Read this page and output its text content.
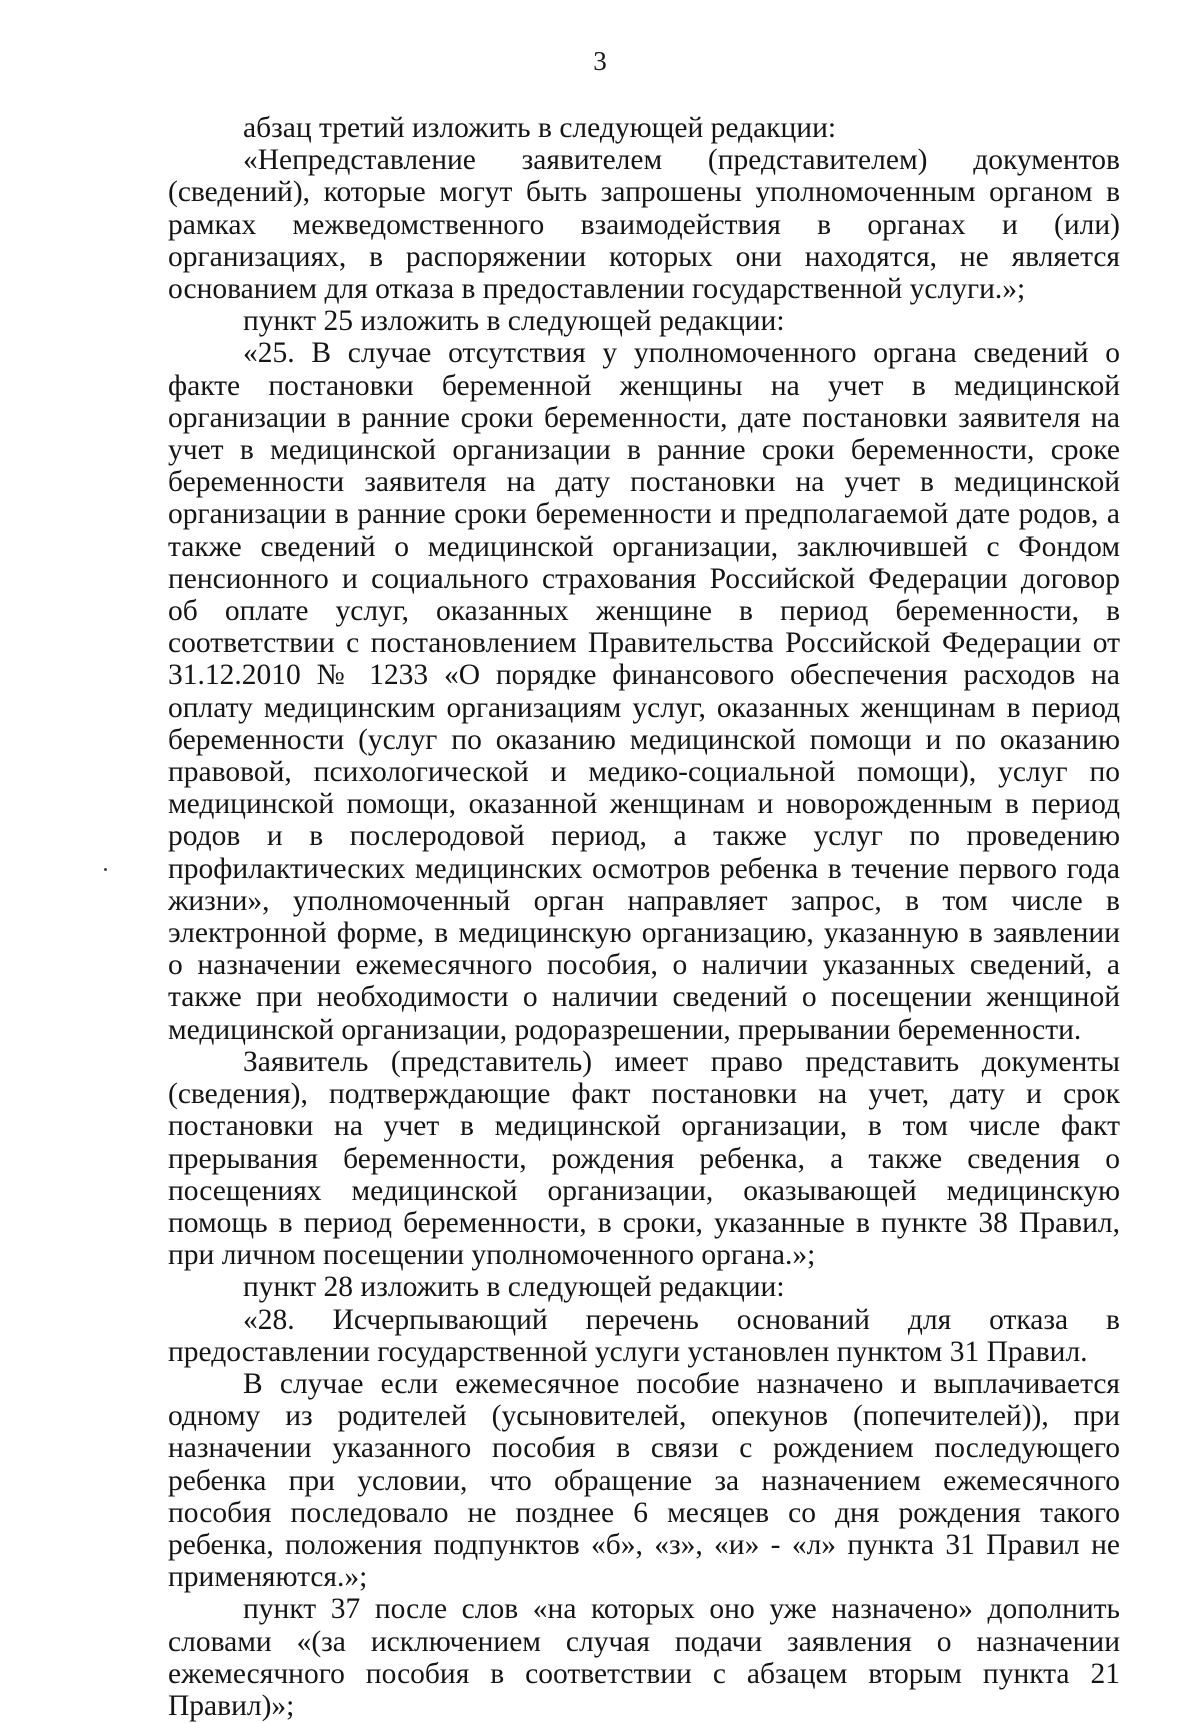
3

абзац третий изложить в следующей редакции:

«Непредставление заявителем (представителем) документов (сведений), которые могут быть запрошены уполномоченным органом в рамках межведомственного взаимодействия в органах и (или) организациях, в распоряжении которых они находятся, не является основанием для отказа в предоставлении государственной услуги.»;

пункт 25 изложить в следующей редакции:

«25. В случае отсутствия у уполномоченного органа сведений о факте постановки беременной женщины на учет в медицинской организации в ранние сроки беременности, дате постановки заявителя на учет в медицинской организации в ранние сроки беременности, сроке беременности заявителя на дату постановки на учет в медицинской организации в ранние сроки беременности и предполагаемой дате родов, а также сведений о медицинской организации, заключившей с Фондом пенсионного и социального страхования Российской Федерации договор об оплате услуг, оказанных женщине в период беременности, в соответствии с постановлением Правительства Российской Федерации от 31.12.2010 № 1233 «О порядке финансового обеспечения расходов на оплату медицинским организациям услуг, оказанных женщинам в период беременности (услуг по оказанию медицинской помощи и по оказанию правовой, психологической и медико-социальной помощи), услуг по медицинской помощи, оказанной женщинам и новорожденным в период родов и в послеродовой период, а также услуг по проведению профилактических медицинских осмотров ребенка в течение первого года жизни», уполномоченный орган направляет запрос, в том числе в электронной форме, в медицинскую организацию, указанную в заявлении о назначении ежемесячного пособия, о наличии указанных сведений, а также при необходимости о наличии сведений о посещении женщиной медицинской организации, родоразрешении, прерывании беременности.

Заявитель (представитель) имеет право представить документы (сведения), подтверждающие факт постановки на учет, дату и срок постановки на учет в медицинской организации, в том числе факт прерывания беременности, рождения ребенка, а также сведения о посещениях медицинской организации, оказывающей медицинскую помощь в период беременности, в сроки, указанные в пункте 38 Правил, при личном посещении уполномоченного органа.»;

пункт 28 изложить в следующей редакции:

«28. Исчерпывающий перечень оснований для отказа в предоставлении государственной услуги установлен пунктом 31 Правил.

В случае если ежемесячное пособие назначено и выплачивается одному из родителей (усыновителей, опекунов (попечителей)), при назначении указанного пособия в связи с рождением последующего ребенка при условии, что обращение за назначением ежемесячного пособия последовало не позднее 6 месяцев со дня рождения такого ребенка, положения подпунктов «б», «з», «и» - «л» пункта 31 Правил не применяются.»;

пункт 37 после слов «на которых оно уже назначено» дополнить словами «(за исключением случая подачи заявления о назначении ежемесячного пособия в соответствии с абзацем вторым пункта 21 Правил)»;
